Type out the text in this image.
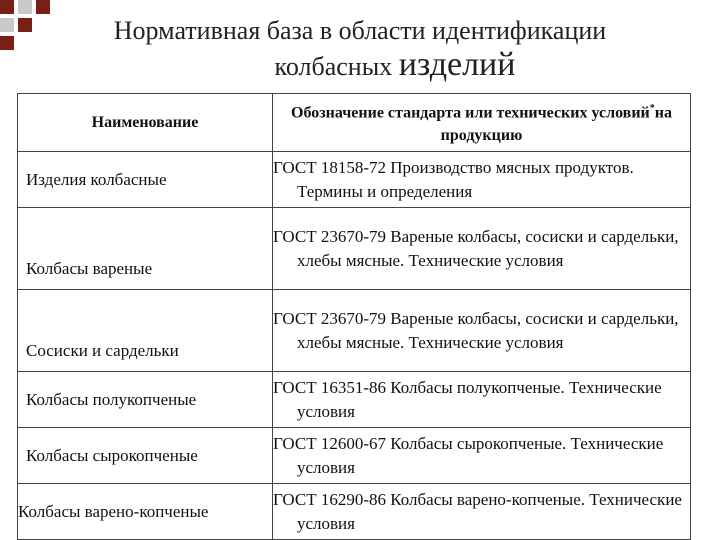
Нормативная база в области идентификации
колбасных изделий
Наименование	Обозначение стандарта или технических условий*на продукцию
Изделия колбасные	ГОСТ 18158-72 Производство мясных продуктов. Термины и определения
Колбасы вареные	ГОСТ 23670-79 Вареные колбасы, сосиски и сардельки, хлебы мясные. Технические условия
Сосиски и сардельки	ГОСТ 23670-79 Вареные колбасы, сосиски и сардельки, хлебы мясные. Технические условия
Колбасы полукопченые	ГОСТ 16351-86 Колбасы полукопченые. Технические условия
Колбасы сырокопченые	ГОСТ 12600-67 Колбасы сырокопченые. Технические условия
Колбасы варено-копченые	ГОСТ 16290-86 Колбасы варено-копченые. Технические условия
